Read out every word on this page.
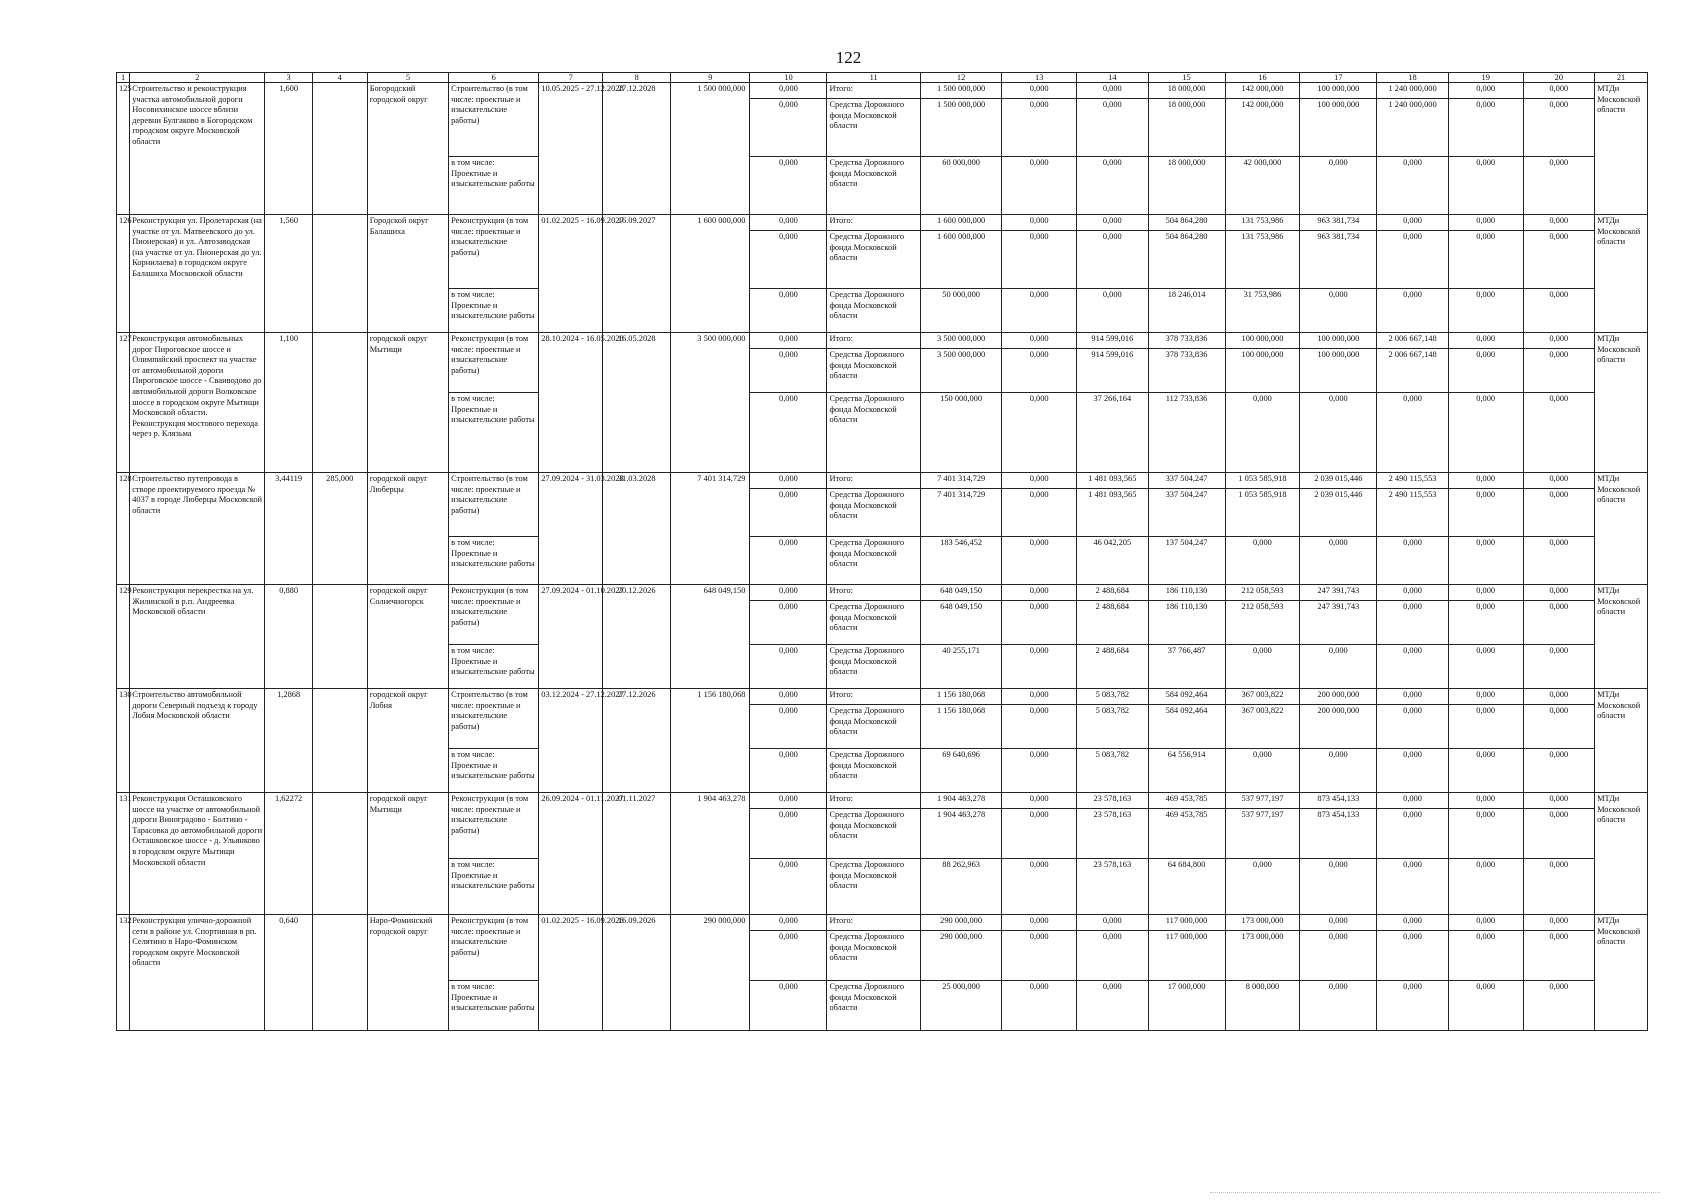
122
1	2	3	4	5	6	7	8	9	10	11	12	13	14	15	16	17	18	19	20	21
125	Строительство и реконструкция участка автомобильной дороги Носовихинское шоссе вблизи деревни Булгаково в Богородском городском округе Московской области	1,600		Богородский городской округ	Строительство (в том числе: проектные и изыскательские работы)	10.05.2025 - 27.12.2028	27.12.2028	1 500 000,000	0,000	Итого:	1 500 000,000	0,000	0,000	18 000,000	142 000,000	100 000,000	1 240 000,000	0,000	0,000	МТДи Московской области
									0,000	Средства Дорожного фонда Московской области	1 500 000,000	0,000	0,000	18 000,000	142 000,000	100 000,000	1 240 000,000	0,000	0,000	
					в том числе: Проектные и изыскательские работы				0,000	Средства Дорожного фонда Московской области	60 000,000	0,000	0,000	18 000,000	42 000,000	0,000	0,000	0,000	0,000	
126	Реконструкция ул. Пролетарская (на участке от ул. Матвеевского до ул. Пионерская) и ул. Автозаводская (на участке от ул. Пионерская до ул. Корнилаева) в городском округе Балашиха Московской области	1,560		Городской округ Балашиха	Реконструкция (в том числе: проектные и изыскательские работы)	01.02.2025 - 16.09.2027	16.09.2027	1 600 000,000	0,000	Итого:	1 600 000,000	0,000	0,000	504 864,280	131 753,986	963 381,734	0,000	0,000	0,000	МТДи Московской области
									0,000	Средства Дорожного фонда Московской области	1 600 000,000	0,000	0,000	504 864,280	131 753,986	963 381,734	0,000	0,000	0,000	
					в том числе: Проектные и изыскательские работы				0,000	Средства Дорожного фонда Московской области	50 000,000	0,000	0,000	18 246,014	31 753,986	0,000	0,000	0,000	0,000	
127	Реконструкция автомобильных дорог Пироговское шоссе и Олимпийский проспект на участке от автомобильной дороги Пироговское шоссе - Сваиводово до автомобильной дороги Волковское шоссе в городском округе Мытищи Московской области. Реконструкция мостового перехода через р. Клязьма	1,100		городской округ Мытищи	Реконструкция (в том числе: проектные и изыскательские работы)	28.10.2024 - 16.05.2028	16.05.2028	3 500 000,000	0,000	Итого:	3 500 000,000	0,000	914 599,016	378 733,836	100 000,000	100 000,000	2 006 667,148	0,000	0,000	МТДи Московской области
									0,000	Средства Дорожного фонда Московской области	3 500 000,000	0,000	914 599,016	378 733,836	100 000,000	100 000,000	2 006 667,148	0,000	0,000	
					в том числе: Проектные и изыскательские работы				0,000	Средства Дорожного фонда Московской области	150 000,000	0,000	37 266,164	112 733,836	0,000	0,000	0,000	0,000	0,000	
128	Строительство путепровода в створе проектируемого проезда № 4037 в городе Люберцы Московской области	3,44119	285,000	городской округ Люберцы	Строительство (в том числе: проектные и изыскательские работы)	27.09.2024 - 31.03.2028	31.03.2028	7 401 314,729	0,000	Итого:	7 401 314,729	0,000	1 481 093,565	337 504,247	1 053 585,918	2 039 015,446	2 490 115,553	0,000	0,000	МТДи Московской области
									0,000	Средства Дорожного фонда Московской области	7 401 314,729	0,000	1 481 093,565	337 504,247	1 053 585,918	2 039 015,446	2 490 115,553	0,000	0,000	
					в том числе: Проектные и изыскательские работы				0,000	Средства Дорожного фонда Московской области	183 546,452	0,000	46 042,205	137 504,247	0,000	0,000	0,000	0,000	0,000	
129	Реконструкция перекрестка на ул. Жилинской в р.п. Андреевка Московской области	0,880		городской округ Солнечногорск	Реконструкция (в том числе: проектные и изыскательские работы)	27.09.2024 - 01.10.2027	20.12.2026	648 049,150	0,000	Итого:	648 049,150	0,000	2 488,684	186 110,130	212 058,593	247 391,743	0,000	0,000	0,000	МТДи Московской области
									0,000	Средства Дорожного фонда Московской области	648 049,150	0,000	2 488,684	186 110,130	212 058,593	247 391,743	0,000	0,000	0,000	
					в том числе: Проектные и изыскательские работы				0,000	Средства Дорожного фонда Московской области	40 255,171	0,000	2 488,684	37 766,487	0,000	0,000	0,000	0,000	0,000	
130	Строительство автомобильной дороги Северный подъезд к городу Лобня Московской области	1,2868		городской округ Лобня	Строительство (в том числе: проектные и изыскательские работы)	03.12.2024 - 27.12.2027	27.12.2026	1 156 180,068	0,000	Итого:	1 156 180,068	0,000	5 083,782	584 092,464	367 003,822	200 000,000	0,000	0,000	0,000	МТДи Московской области
									0,000	Средства Дорожного фонда Московской области	1 156 180,068	0,000	5 083,782	584 092,464	367 003,822	200 000,000	0,000	0,000	0,000	
					в том числе: Проектные и изыскательские работы				0,000	Средства Дорожного фонда Московской области	69 640,696	0,000	5 083,782	64 556,914	0,000	0,000	0,000	0,000	0,000	
131	Реконструкция Осташковского шоссе на участке от автомобильной дороги Виноградово - Болтино - Тарасовка до автомобильной дороги Осташковское шоссе - д. Ульянково в городском округе Мытищи Московской области	1,62272		городской округ Мытищи	Реконструкция (в том числе: проектные и изыскательские работы)	26.09.2024 - 01.11.2027	01.11.2027	1 904 463,278	0,000	Итого:	1 904 463,278	0,000	23 578,163	469 453,785	537 977,197	873 454,133	0,000	0,000	0,000	МТДи Московской области
									0,000	Средства Дорожного фонда Московской области	1 904 463,278	0,000	23 578,163	469 453,785	537 977,197	873 454,133	0,000	0,000	0,000	
					в том числе: Проектные и изыскательские работы				0,000	Средства Дорожного фонда Московской области	88 262,963	0,000	23 578,163	64 684,800	0,000	0,000	0,000	0,000	0,000	
132	Реконструкция улично-дорожной сети в районе ул. Спортивная в рп. Селятино в Наро-Фоминском городском округе Московской области	0,640		Наро-Фоминский городской округ	Реконструкция (в том числе: проектные и изыскательские работы)	01.02.2025 - 16.09.2026	16.09.2026	290 000,000	0,000	Итого:	290 000,000	0,000	0,000	117 000,000	173 000,000	0,000	0,000	0,000	0,000	МТДи Московской области
									0,000	Средства Дорожного фонда Московской области	290 000,000	0,000	0,000	117 000,000	173 000,000	0,000	0,000	0,000	0,000	
					в том числе: Проектные и изыскательские работы				0,000	Средства Дорожного фонда Московской области	25 000,000	0,000	0,000	17 000,000	8 000,000	0,000	0,000	0,000	0,000	
